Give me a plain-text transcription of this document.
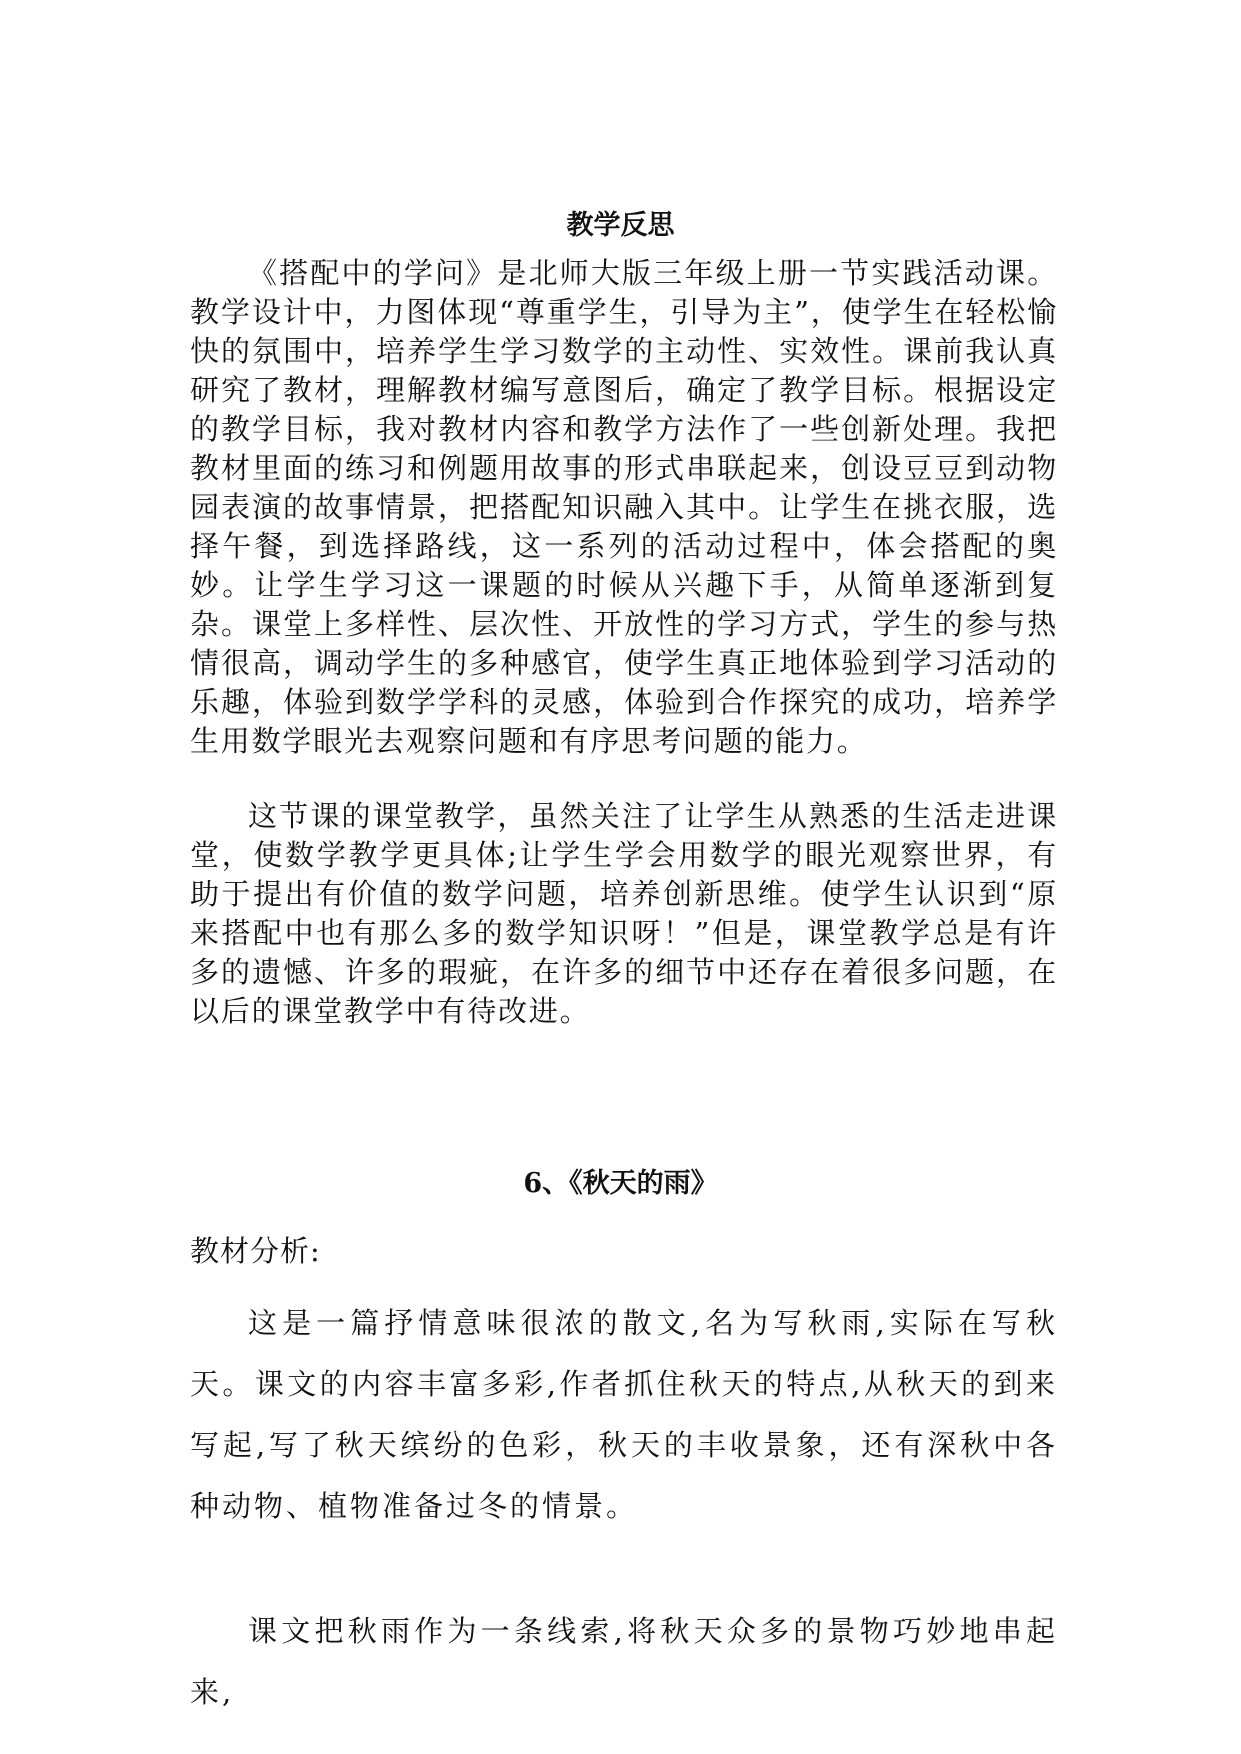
教学反思

《搭配中的学问》是北师大版三年级上册一节实践活动课。教学设计中，力图体现“尊重学生，引导为主”，使学生在轻松愉快的氛围中，培养学生学习数学的主动性、实效性。课前我认真研究了教材，理解教材编写意图后，确定了教学目标。根据设定的教学目标，我对教材内容和教学方法作了一些创新处理。我把教材里面的练习和例题用故事的形式串联起来，创设豆豆到动物园表演的故事情景，把搭配知识融入其中。让学生在挑衣服，选择午餐，到选择路线，这一系列的活动过程中，体会搭配的奥妙。让学生学习这一课题的时候从兴趣下手，从简单逐渐到复杂。课堂上多样性、层次性、开放性的学习方式，学生的参与热情很高，调动学生的多种感官，使学生真正地体验到学习活动的乐趣，体验到数学学科的灵感，体验到合作探究的成功，培养学生用数学眼光去观察问题和有序思考问题的能力。

这节课的课堂教学，虽然关注了让学生从熟悉的生活走进课堂，使数学教学更具体;让学生学会用数学的眼光观察世界，有助于提出有价值的数学问题，培养创新思维。使学生认识到“原来搭配中也有那么多的数学知识呀！”但是，课堂教学总是有许多的遗憾、许多的瑕疵，在许多的细节中还存在着很多问题，在以后的课堂教学中有待改进。

6、《秋天的雨》

教材分析:

这是一篇抒情意味很浓的散文,名为写秋雨,实际在写秋天。课文的内容丰富多彩,作者抓住秋天的特点,从秋天的到来写起,写了秋天缤纷的色彩，秋天的丰收景象，还有深秋中各种动物、植物准备过冬的情景。

课文把秋雨作为一条线索,将秋天众多的景物巧妙地串起来,
